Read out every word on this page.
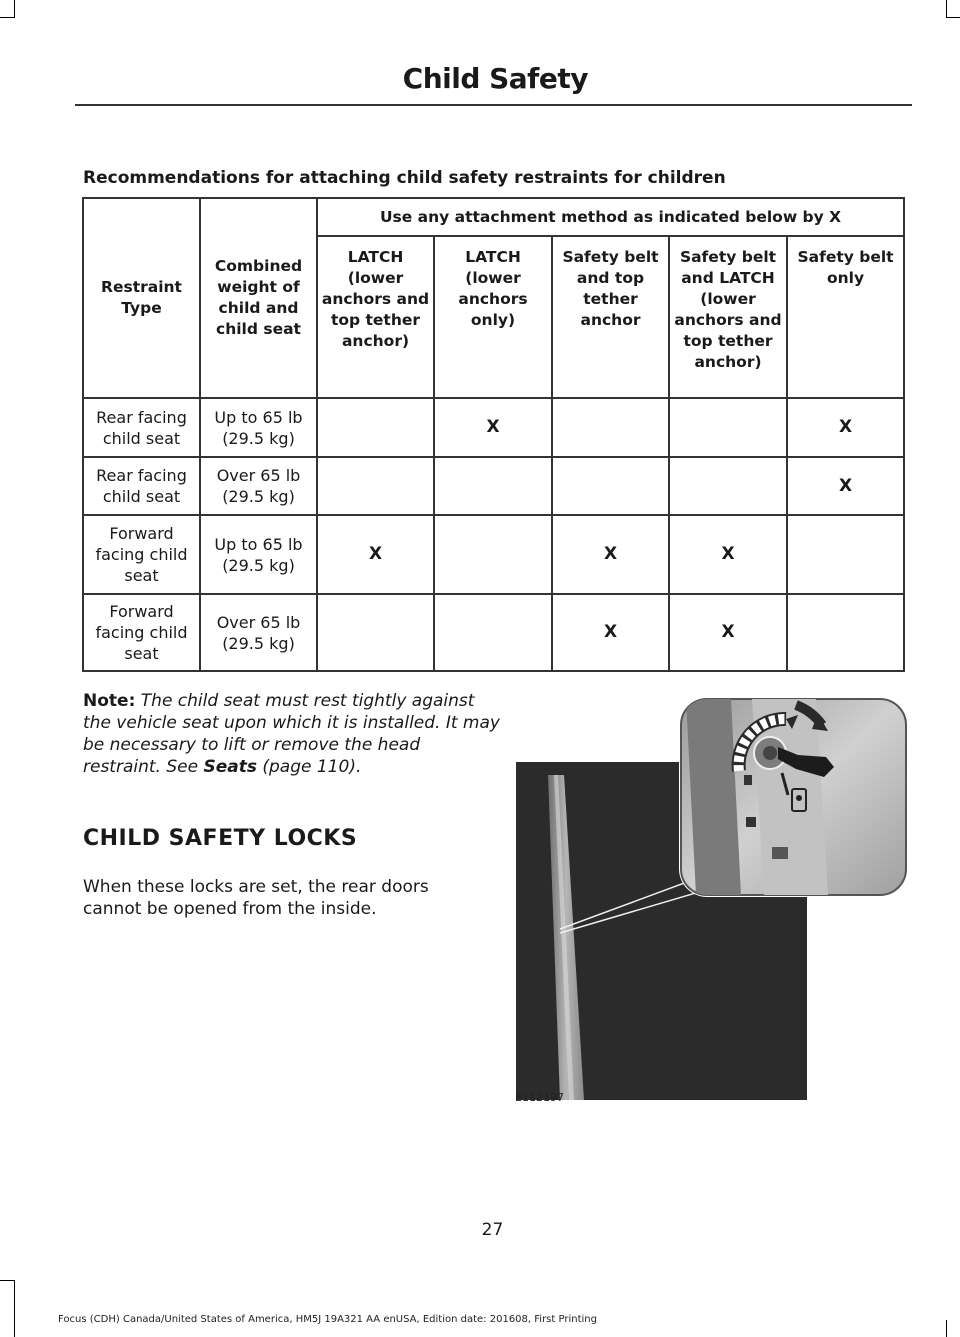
Child Safety
Recommendations for attaching child safety restraints for children
Restraint Type	Combined weight of child and child seat	Use any attachment method as indicated below by X				
		LATCH (lower anchors and top tether anchor)	LATCH (lower anchors only)	Safety belt and top tether anchor	Safety belt and LATCH (lower anchors and top tether anchor)	Safety belt only
Rear facing child seat	Up to 65 lb (29.5 kg)		X			X
Rear facing child seat	Over 65 lb (29.5 kg)					X
Forward facing child seat	Up to 65 lb (29.5 kg)	X		X	X	
Forward facing child seat	Over 65 lb (29.5 kg)			X	X	
Note: The child seat must rest tightly against the vehicle seat upon which it is installed. It may be necessary to lift or remove the head restraint. See Seats (page 110).
CHILD SAFETY LOCKS
When these locks are set, the rear doors cannot be opened from the inside.
E112197
27
Focus (CDH) Canada/United States of America, HM5J 19A321 AA enUSA, Edition date: 201608, First Printing
